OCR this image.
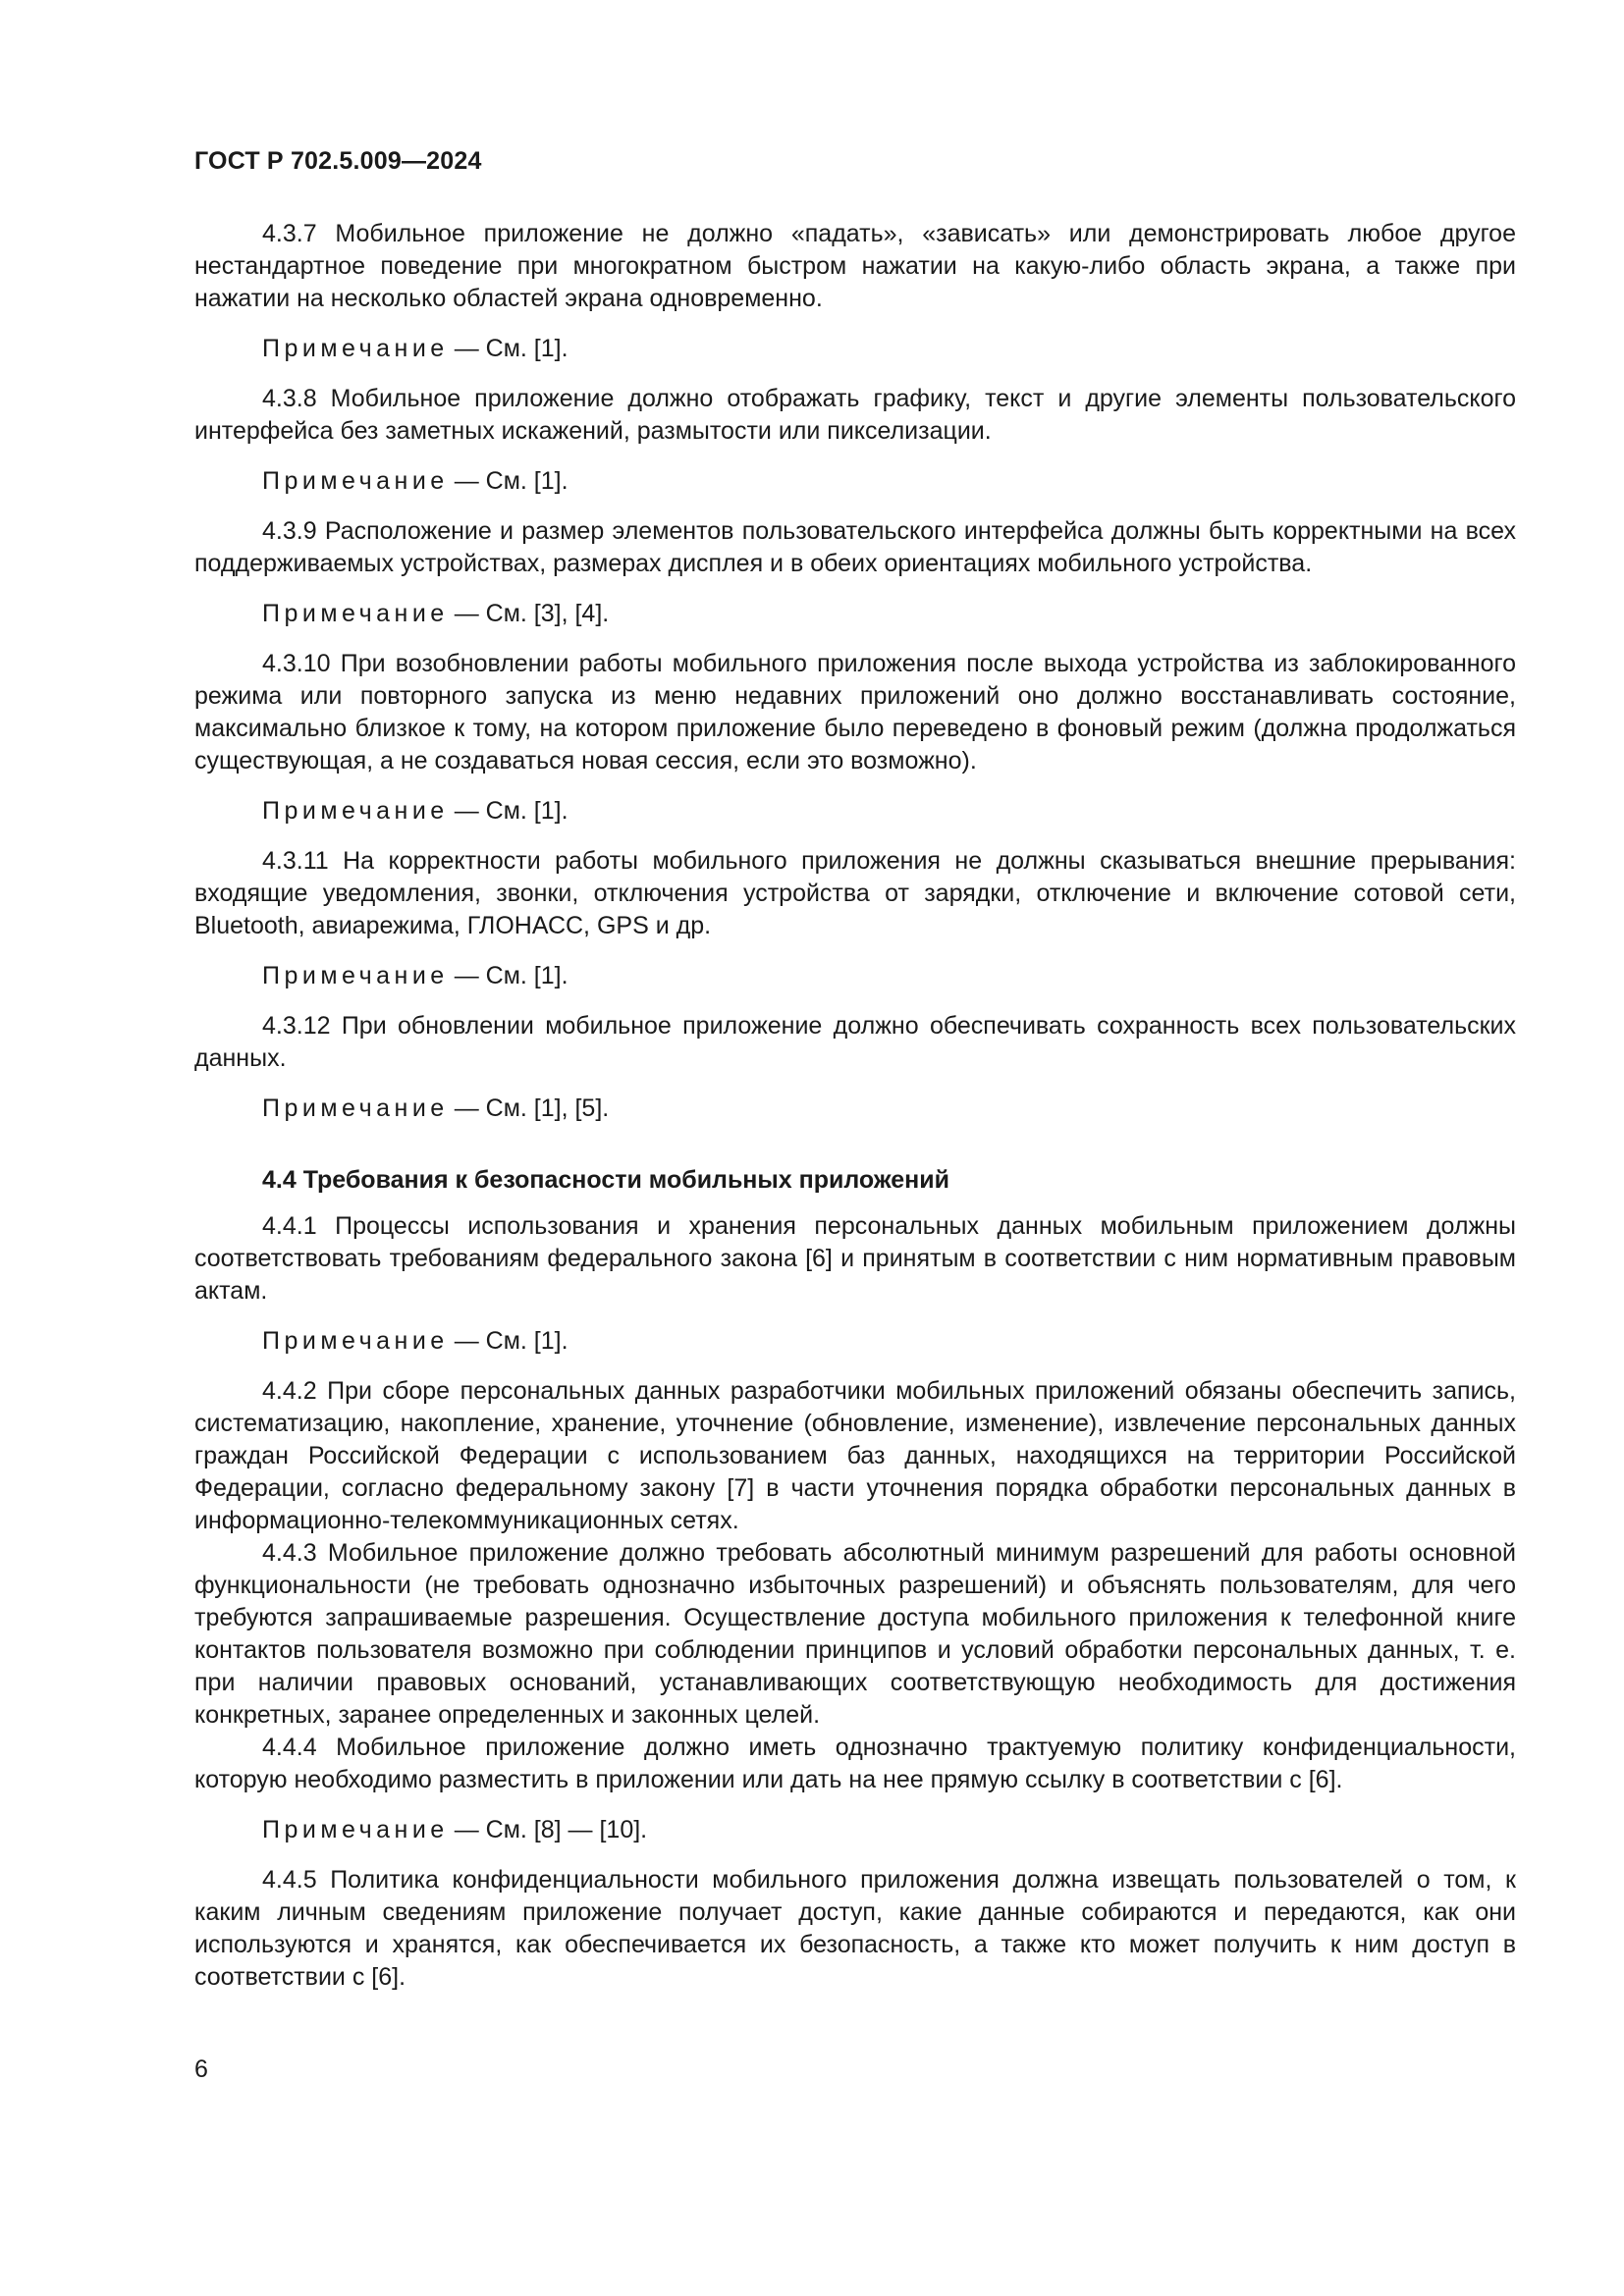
ГОСТ Р 702.5.009—2024
4.3.7 Мобильное приложение не должно «падать», «зависать» или демонстрировать любое другое нестандартное поведение при многократном быстром нажатии на какую-либо область экрана, а также при нажатии на несколько областей экрана одновременно.
Примечание — См. [1].
4.3.8 Мобильное приложение должно отображать графику, текст и другие элементы пользовательского интерфейса без заметных искажений, размытости или пикселизации.
Примечание — См. [1].
4.3.9 Расположение и размер элементов пользовательского интерфейса должны быть корректными на всех поддерживаемых устройствах, размерах дисплея и в обеих ориентациях мобильного устройства.
Примечание — См. [3], [4].
4.3.10 При возобновлении работы мобильного приложения после выхода устройства из заблокированного режима или повторного запуска из меню недавних приложений оно должно восстанавливать состояние, максимально близкое к тому, на котором приложение было переведено в фоновый режим (должна продолжаться существующая, а не создаваться новая сессия, если это возможно).
Примечание — См. [1].
4.3.11 На корректности работы мобильного приложения не должны сказываться внешние прерывания: входящие уведомления, звонки, отключения устройства от зарядки, отключение и включение сотовой сети, Bluetooth, авиарежима, ГЛОНАСС, GPS и др.
Примечание — См. [1].
4.3.12 При обновлении мобильное приложение должно обеспечивать сохранность всех пользовательских данных.
Примечание — См. [1], [5].
4.4 Требования к безопасности мобильных приложений
4.4.1 Процессы использования и хранения персональных данных мобильным приложением должны соответствовать требованиям федерального закона [6] и принятым в соответствии с ним нормативным правовым актам.
Примечание — См. [1].
4.4.2 При сборе персональных данных разработчики мобильных приложений обязаны обеспечить запись, систематизацию, накопление, хранение, уточнение (обновление, изменение), извлечение персональных данных граждан Российской Федерации с использованием баз данных, находящихся на территории Российской Федерации, согласно федеральному закону [7] в части уточнения порядка обработки персональных данных в информационно-телекоммуникационных сетях.
4.4.3 Мобильное приложение должно требовать абсолютный минимум разрешений для работы основной функциональности (не требовать однозначно избыточных разрешений) и объяснять пользователям, для чего требуются запрашиваемые разрешения. Осуществление доступа мобильного приложения к телефонной книге контактов пользователя возможно при соблюдении принципов и условий обработки персональных данных, т. е. при наличии правовых оснований, устанавливающих соответствующую необходимость для достижения конкретных, заранее определенных и законных целей.
4.4.4 Мобильное приложение должно иметь однозначно трактуемую политику конфиденциальности, которую необходимо разместить в приложении или дать на нее прямую ссылку в соответствии с [6].
Примечание — См. [8] — [10].
4.4.5 Политика конфиденциальности мобильного приложения должна извещать пользователей о том, к каким личным сведениям приложение получает доступ, какие данные собираются и передаются, как они используются и хранятся, как обеспечивается их безопасность, а также кто может получить к ним доступ в соответствии с [6].
6
